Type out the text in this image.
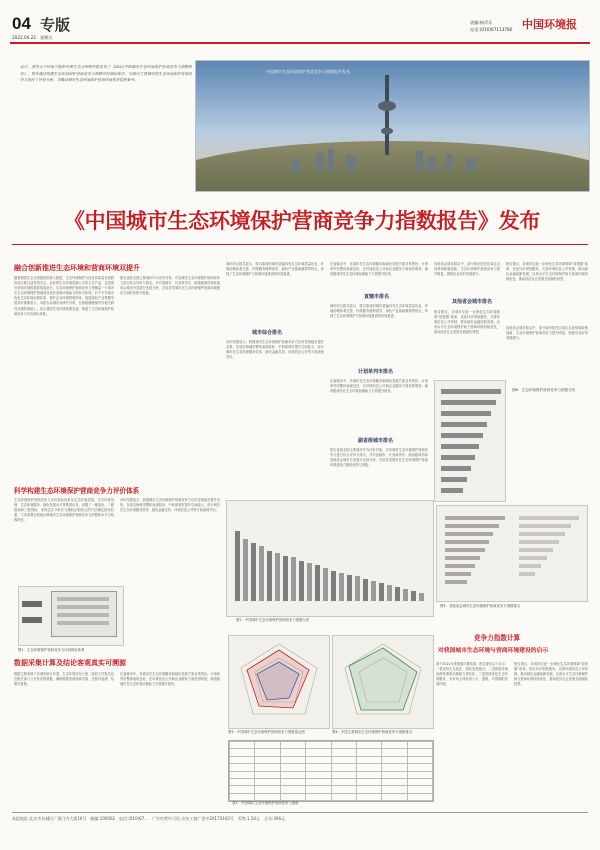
04 专版
2022.04.22 星期五
责编:杨萍乐
电话:(010)67113780 中国环境报
近日，清华大学环境学院和中国生态文明研究院发布了《2021中国城市生态环境保护营商竞争力指数报告》。报告通过构建生态环境保护营商竞争力指数评价指标体系，对国内主要城市的生态环境保护营商竞争力进行了评价分析，为推动城市生态环境保护营商环境优化提供参考。
中国城市生态环境保护营商竞争力指数报告发布
《中国城市生态环境保护营商竞争力指数报告》发布
融合创新推进生态环境和营商环境双提升
随着我国生态文明建设的深入推进，生态环境保护与经济高质量发展的协同关系日益受到关注。良好的生态环境是最公平的公共产品，也是城市营商环境的重要组成部分。生态环境保护营商竞争力是衡量一个城市在生态环境保护领域营造良好营商环境能力的综合体现，对于引导城市优化生态环境治理体系、提升企业环境管理效率、促进绿色产业集聚发展具有重要意义。本报告以城市为研究对象，在系统梳理国内外相关研究成果的基础上，结合我国生态环境管理实践，构建了生态环境保护营商竞争力评价指标体系。
报告选取全国主要城市作为评价对象，对各城市生态环境保护营商竞争力进行综合评价与排名，并对直辖市、计划单列市、副省级城市和其他省会城市分类进行比较分析，总结各类城市在生态环境保护营商环境建设方面的优势与短板。
科学构建生态环境保护营商竞争力评价体系
生态环境保护营商竞争力评价指标体系从生态环境质量、生态环境治理、生态环境服务、绿色发展水平等维度出发，设置了一级指标、二级指标和三级指标，采用层次分析法与熵权法相结合的方法确定指标权重，力求客观全面地反映城市生态环境保护营商竞争力的整体水平与结构特征。
评价结果显示，我国城市生态环境保护营商竞争力总体呈现稳步提升态势，东部沿海城市整体表现较好，中西部城市提升空间较大，部分城市在生态环境服务效率、绿色金融支持、环境信息公开等方面表现突出。
图1：生态环境保护营商竞争力评价指标体系
数据采集计算及结论客观真实可溯源
数据主要来源于各城市统计年鉴、生态环境状况公报、政府工作报告以及相关部门公开发布的数据，确保数据来源权威可靠、过程可追溯、结果可复核。
在直辖市中，各城市在生态环境服务和绿色发展方面各具特色；计划单列市整体表现良好，在环境信息公开和企业服务方面优势明显；副省级城市在生态环境治理能力方面提升较快。
城市综合排名显示，排名靠前的城市普遍具有生态环境质量优良、环境治理体系完善、环保服务便利高效、绿色产业基础雄厚等特点，体现了生态环境保护与营商环境建设的协同推进。
城市综合排名
评价结果显示，我国城市生态环境保护营商竞争力总体呈现稳步提升态势，东部沿海城市整体表现较好，中西部城市提升空间较大，部分城市在生态环境服务效率、绿色金融支持、环境信息公开等方面表现突出。
在直辖市中，各城市在生态环境服务和绿色发展方面各具特色；计划单列市整体表现良好，在环境信息公开和企业服务方面优势明显；副省级城市在生态环境治理能力方面提升较快。
直辖市排名
城市综合排名显示，排名靠前的城市普遍具有生态环境质量优良、环境治理体系完善、环保服务便利高效、绿色产业基础雄厚等特点，体现了生态环境保护与营商环境建设的协同推进。
计划单列市排名
在直辖市中，各城市在生态环境服务和绿色发展方面各具特色；计划单列市整体表现良好，在环境信息公开和企业服务方面优势明显；副省级城市在生态环境治理能力方面提升较快。
副省级城市排名
报告选取全国主要城市作为评价对象，对各城市生态环境保护营商竞争力进行综合评价与排名，并对直辖市、计划单列市、副省级城市和其他省会城市分类进行比较分析，总结各类城市在生态环境保护营商环境建设方面的优势与短板。
其他省会城市排名中，部分城市依托区域生态优势和政策创新，生态环境保护营商竞争力提升明显，展现出良好的发展潜力。
其他省会城市排名
报告建议，各城市应进一步深化生态环境领域“放管服”改革，优化环评审批服务，完善环境信息公开机制，推动绿色金融创新发展，以高水平生态环境保护助力营商环境持续优化，推动经济社会发展全面绿色转型。
报告建议，各城市应进一步深化生态环境领域“放管服”改革，优化环评审批服务，完善环境信息公开机制，推动绿色金融创新发展，以高水平生态环境保护助力营商环境持续优化，推动经济社会发展全面绿色转型。
其他省会城市排名中，部分城市依托区域生态优势和政策创新，生态环境保护营商竞争力提升明显，展现出良好的发展潜力。
图6：生态环境保护营商竞争力指数分布
图2：中国城市生态环境保护营商竞争力指数分布
图5：其他省会城市生态环境保护营商竞争力指数排名
图3：中国城市生态环境保护营商竞争力指数雷达图	图4：中国主要城市生态环境保护营商竞争力指数排名

表1：中国城市生态环境保护营商竞争力指数
竞争力指数计算
对我国城市生态环境与营商环境建设的启示
基于2021年度指数计算结果，报告提出以下启示：一是坚持生态优先、绿色发展理念；二是推进环境治理体系和治理能力现代化；三是持续优化生态环境服务，为市场主体营造公平、透明、可预期的发展环境。
报告建议，各城市应进一步深化生态环境领域“放管服”改革，优化环评审批服务，完善环境信息公开机制，推动绿色金融创新发展，以高水平生态环境保护助力营商环境持续优化，推动经济社会发展全面绿色转型。
本报地址:北京市东城区广渠门内大街16号　邮编:100062　电话:(010)67...　广告经营许可证:京东工商广登字20170102号　零售:1.50元　全年:396元
